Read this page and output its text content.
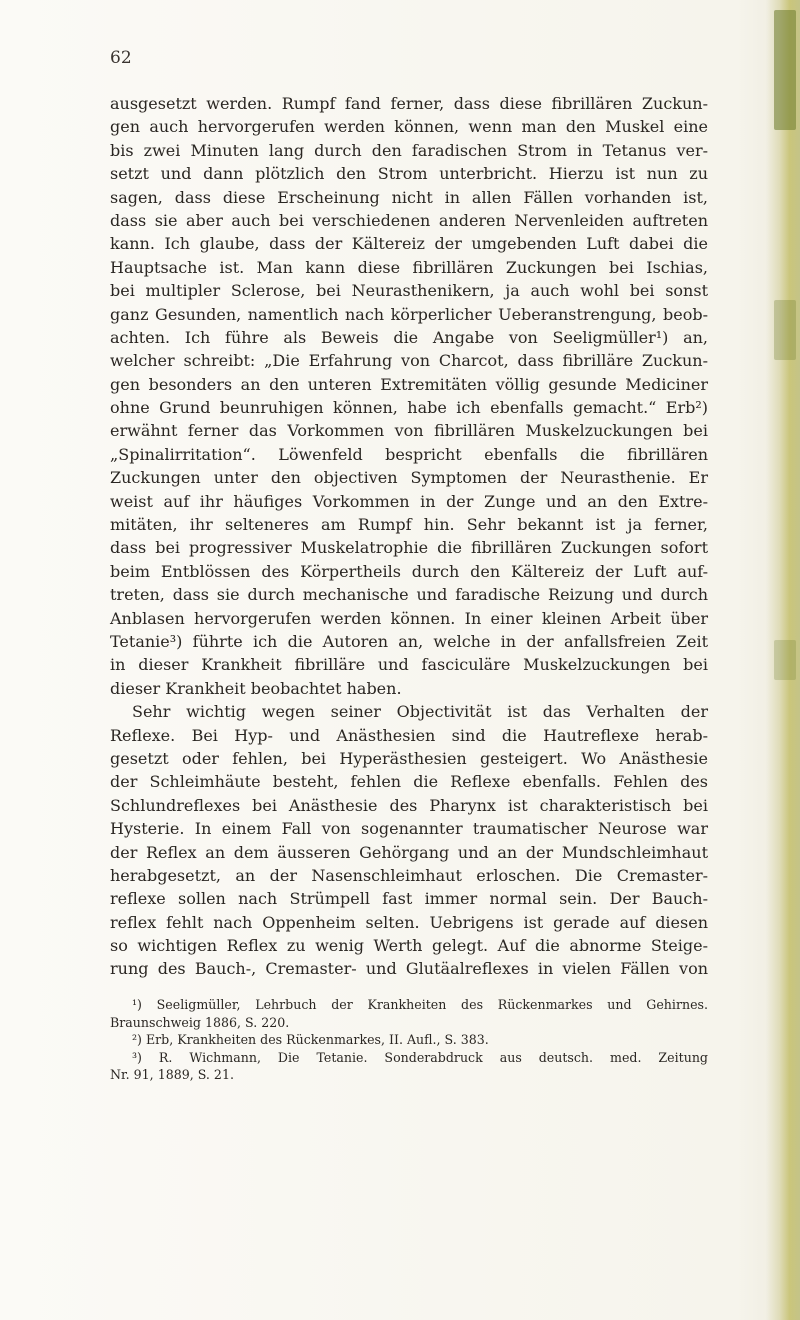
62
ausgesetzt werden. Rumpf fand ferner, dass diese fibrillären Zuckun-
gen auch hervorgerufen werden können, wenn man den Muskel eine
bis zwei Minuten lang durch den faradischen Strom in Tetanus ver-
setzt und dann plötzlich den Strom unterbricht. Hierzu ist nun zu
sagen, dass diese Erscheinung nicht in allen Fällen vorhanden ist,
dass sie aber auch bei verschiedenen anderen Nervenleiden auftreten
kann. Ich glaube, dass der Kältereiz der umgebenden Luft dabei die
Hauptsache ist. Man kann diese fibrillären Zuckungen bei Ischias,
bei multipler Sclerose, bei Neurasthenikern, ja auch wohl bei sonst
ganz Gesunden, namentlich nach körperlicher Ueberanstrengung, beob-
achten. Ich führe als Beweis die Angabe von Seeligmüller¹) an,
welcher schreibt: „Die Erfahrung von Charcot, dass fibrilläre Zuckun-
gen besonders an den unteren Extremitäten völlig gesunde Mediciner
ohne Grund beunruhigen können, habe ich ebenfalls gemacht.“ Erb²)
erwähnt ferner das Vorkommen von fibrillären Muskelzuckungen bei
„Spinalirritation“. Löwenfeld bespricht ebenfalls die fibrillären
Zuckungen unter den objectiven Symptomen der Neurasthenie. Er
weist auf ihr häufiges Vorkommen in der Zunge und an den Extre-
mitäten, ihr selteneres am Rumpf hin. Sehr bekannt ist ja ferner,
dass bei progressiver Muskelatrophie die fibrillären Zuckungen sofort
beim Entblössen des Körpertheils durch den Kältereiz der Luft auf-
treten, dass sie durch mechanische und faradische Reizung und durch
Anblasen hervorgerufen werden können. In einer kleinen Arbeit über
Tetanie³) führte ich die Autoren an, welche in der anfallsfreien Zeit
in dieser Krankheit fibrilläre und fasciculäre Muskelzuckungen bei
dieser Krankheit beobachtet haben.
Sehr wichtig wegen seiner Objectivität ist das Verhalten der
Reflexe. Bei Hyp- und Anästhesien sind die Hautreflexe herab-
gesetzt oder fehlen, bei Hyperästhesien gesteigert. Wo Anästhesie
der Schleimhäute besteht, fehlen die Reflexe ebenfalls. Fehlen des
Schlundreflexes bei Anästhesie des Pharynx ist charakteristisch bei
Hysterie. In einem Fall von sogenannter traumatischer Neurose war
der Reflex an dem äusseren Gehörgang und an der Mundschleimhaut
herabgesetzt, an der Nasenschleimhaut erloschen. Die Cremaster-
reflexe sollen nach Strümpell fast immer normal sein. Der Bauch-
reflex fehlt nach Oppenheim selten. Uebrigens ist gerade auf diesen
so wichtigen Reflex zu wenig Werth gelegt. Auf die abnorme Steige-
rung des Bauch-, Cremaster- und Glutäalreflexes in vielen Fällen von
¹) Seeligmüller, Lehrbuch der Krankheiten des Rückenmarkes und Gehirnes.
Braunschweig 1886, S. 220.
²) Erb, Krankheiten des Rückenmarkes, II. Aufl., S. 383.
³) R. Wichmann, Die Tetanie. Sonderabdruck aus deutsch. med. Zeitung
Nr. 91, 1889, S. 21.
